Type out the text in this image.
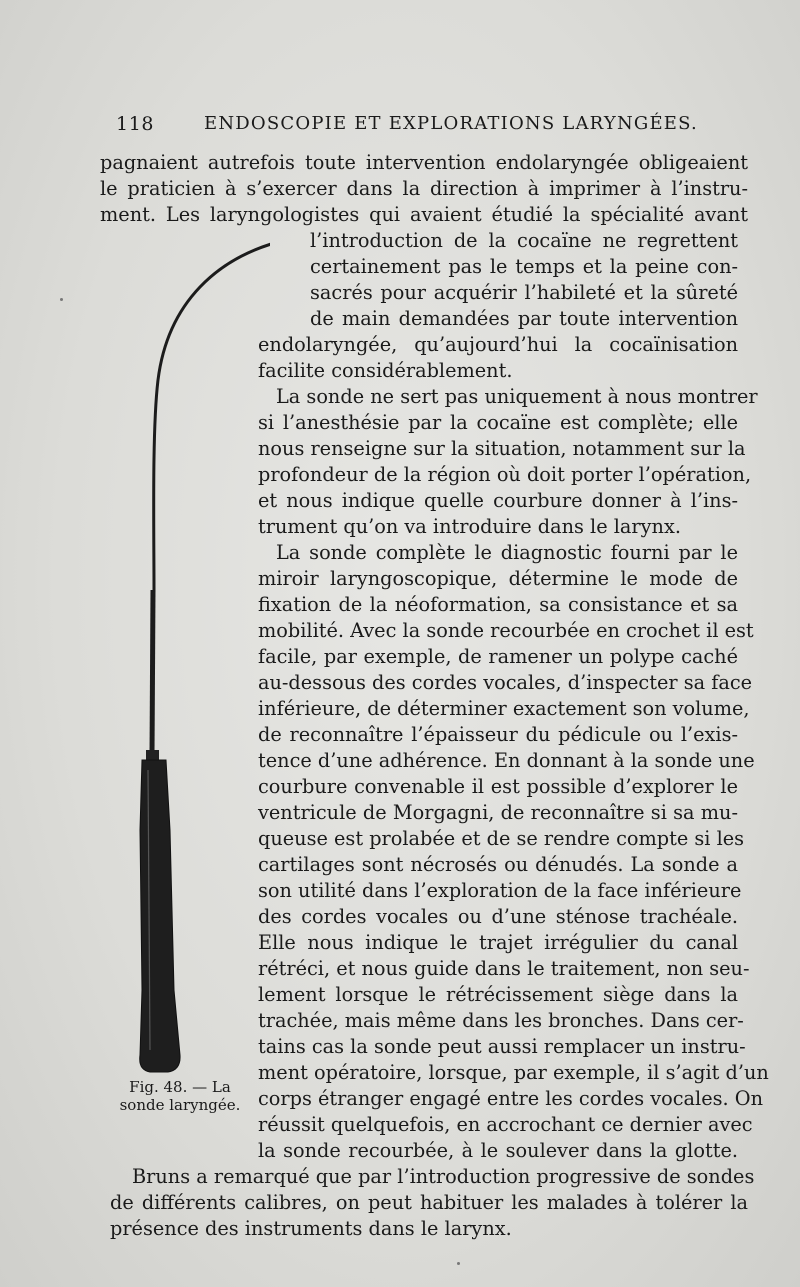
118	ENDOSCOPIE ET EXPLORATIONS LARYNGÉES.
pagnaient autrefois toute intervention endolaryngée obligeaient
le praticien à s’exercer dans la direction à imprimer à l’instru-
ment. Les laryngologistes qui avaient étudié la spécialité avant
l’introduction de la cocaïne ne regrettent
certainement pas le temps et la peine con-
sacrés pour acquérir l’habileté et la sûreté
de main demandées par toute intervention
endolaryngée, qu’aujourd’hui la cocaïnisation
facilite considérablement.
La sonde ne sert pas uniquement à nous montrer
si l’anesthésie par la cocaïne est complète; elle
nous renseigne sur la situation, notamment sur la
profondeur de la région où doit porter l’opération,
et nous indique quelle courbure donner à l’ins-
trument qu’on va introduire dans le larynx.
La sonde complète le diagnostic fourni par le
miroir laryngoscopique, détermine le mode de
fixation de la néoformation, sa consistance et sa
mobilité. Avec la sonde recourbée en crochet il est
facile, par exemple, de ramener un polype caché
au-dessous des cordes vocales, d’inspecter sa face
inférieure, de déterminer exactement son volume,
de reconnaître l’épaisseur du pédicule ou l’exis-
tence d’une adhérence. En donnant à la sonde une
courbure convenable il est possible d’explorer le
ventricule de Morgagni, de reconnaître si sa mu-
queuse est prolabée et de se rendre compte si les
cartilages sont nécrosés ou dénudés. La sonde a
son utilité dans l’exploration de la face inférieure
des cordes vocales ou d’une sténose trachéale.
Elle nous indique le trajet irrégulier du canal
rétréci, et nous guide dans le traitement, non seu-
lement lorsque le rétrécissement siège dans la
trachée, mais même dans les bronches. Dans cer-
tains cas la sonde peut aussi remplacer un instru-
ment opératoire, lorsque, par exemple, il s’agit d’un
corps étranger engagé entre les cordes vocales. On
réussit quelquefois, en accrochant ce dernier avec
la sonde recourbée, à le soulever dans la glotte.
Bruns a remarqué que par l’introduction progressive de sondes
de différents calibres, on peut habituer les malades à tolérer la
présence des instruments dans le larynx.
Fig. 48. — La
sonde laryngée.
